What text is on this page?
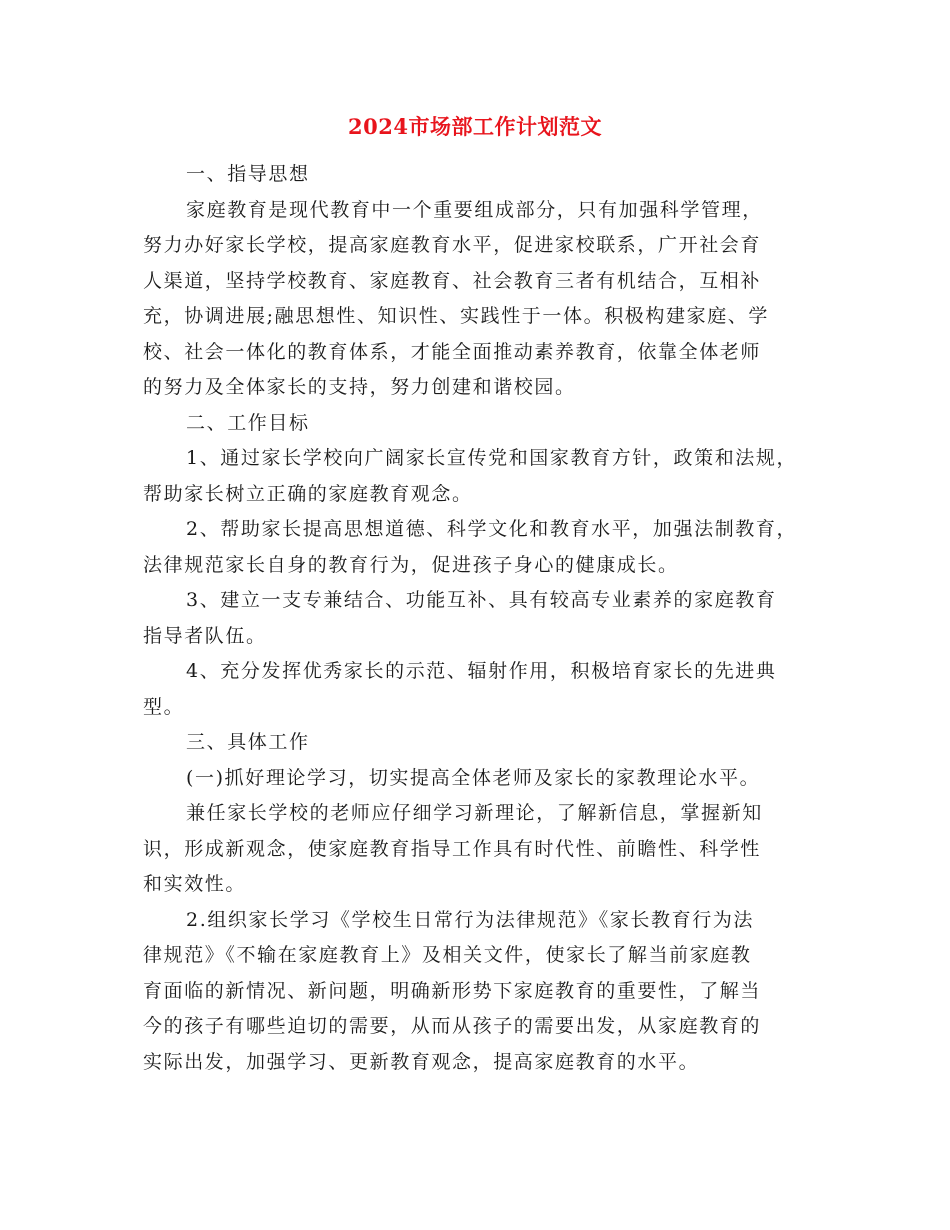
2024市场部工作计划范文
一、指导思想
家庭教育是现代教育中一个重要组成部分，只有加强科学管理，
努力办好家长学校，提高家庭教育水平，促进家校联系，广开社会育
人渠道，坚持学校教育、家庭教育、社会教育三者有机结合，互相补
充，协调进展;融思想性、知识性、实践性于一体。积极构建家庭、学
校、社会一体化的教育体系，才能全面推动素养教育，依靠全体老师
的努力及全体家长的支持，努力创建和谐校园。
二、工作目标
1、通过家长学校向广阔家长宣传党和国家教育方针，政策和法规，
帮助家长树立正确的家庭教育观念。
2、帮助家长提高思想道德、科学文化和教育水平，加强法制教育，
法律规范家长自身的教育行为，促进孩子身心的健康成长。
3、建立一支专兼结合、功能互补、具有较高专业素养的家庭教育
指导者队伍。
4、充分发挥优秀家长的示范、辐射作用，积极培育家长的先进典
型。
三、具体工作
(一)抓好理论学习，切实提高全体老师及家长的家教理论水平。
兼任家长学校的老师应仔细学习新理论，了解新信息，掌握新知
识，形成新观念，使家庭教育指导工作具有时代性、前瞻性、科学性
和实效性。
2.组织家长学习《学校生日常行为法律规范》《家长教育行为法
律规范》《不输在家庭教育上》及相关文件，使家长了解当前家庭教
育面临的新情况、新问题，明确新形势下家庭教育的重要性，了解当
今的孩子有哪些迫切的需要，从而从孩子的需要出发，从家庭教育的
实际出发，加强学习、更新教育观念，提高家庭教育的水平。
